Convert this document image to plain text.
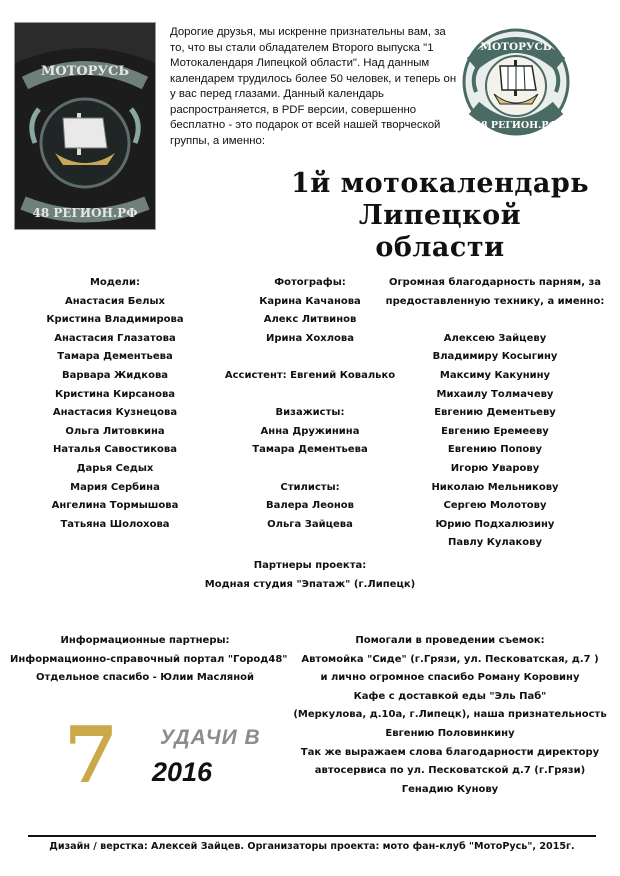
МОТОРУСЬ
48 РЕГИОН.РФ
Дорогие друзья, мы искренне признательны вам, за то, что вы стали обладателем Второго выпуска "1 Мотокалендаря Липецкой области". Над данным календарем трудилось более 50 человек, и теперь он у вас перед глазами. Данный календарь распространяется, в PDF версии, совершенно бесплатно - это подарок от всей нашей творческой группы, а именно:
МОТОРУСЬ
48 РЕГИОН.РФ
1й мотокалендарь
Липецкой области
Модели:
Анастасия Белых
Кристина Владимирова
Анастасия Глазатова
Тамара Дементьева
Варвара Жидкова
Кристина Кирсанова
Анастасия Кузнецова
Ольга Литовкина
Наталья Савостикова
Дарья Седых
Мария Сербина
Ангелина Тормышова
Татьяна Шолохова
Фотографы:
Карина Качанова
Алекс Литвинов
Ирина Хохлова

Ассистент: Евгений Ковалько

Визажисты:
Анна Дружинина
Тамара Дементьева

Стилисты:
Валера Леонов
Ольга Зайцева
Огромная благодарность парням, за
предоставленную технику, а именно:

Алексею Зайцеву
Владимиру Косыгину
Максиму Какунину
Михаилу Толмачеву
Евгению Дементьеву
Евгению Еремееву
Евгению Попову
Игорю Уварову
Николаю Мельникову
Сергею Молотову
Юрию Подхалюзину
Павлу Кулакову
Партнеры проекта:
Модная студия "Эпатаж" (г.Липецк)
Информационные партнеры:
Информационно-справочный портал "Город48"
Отдельное спасибо - Юлии Масляной
Помогали в проведении съемок:
Автомойка "Сиде" (г.Грязи, ул. Песковатская, д.7 )
и лично огромное спасибо Роману Коровину
Кафе с доставкой еды "Эль Паб"
(Меркулова, д.10а, г.Липецк), наша признательность
Евгению Половинкину
Так же выражаем слова благодарности директору
автосервиса по ул. Песковатской д.7 (г.Грязи)
Генадию Кунову
7 УДАЧИ В
2016
Дизайн / верстка: Алексей Зайцев. Организаторы проекта: мото фан-клуб "МотоРусь", 2015г.
